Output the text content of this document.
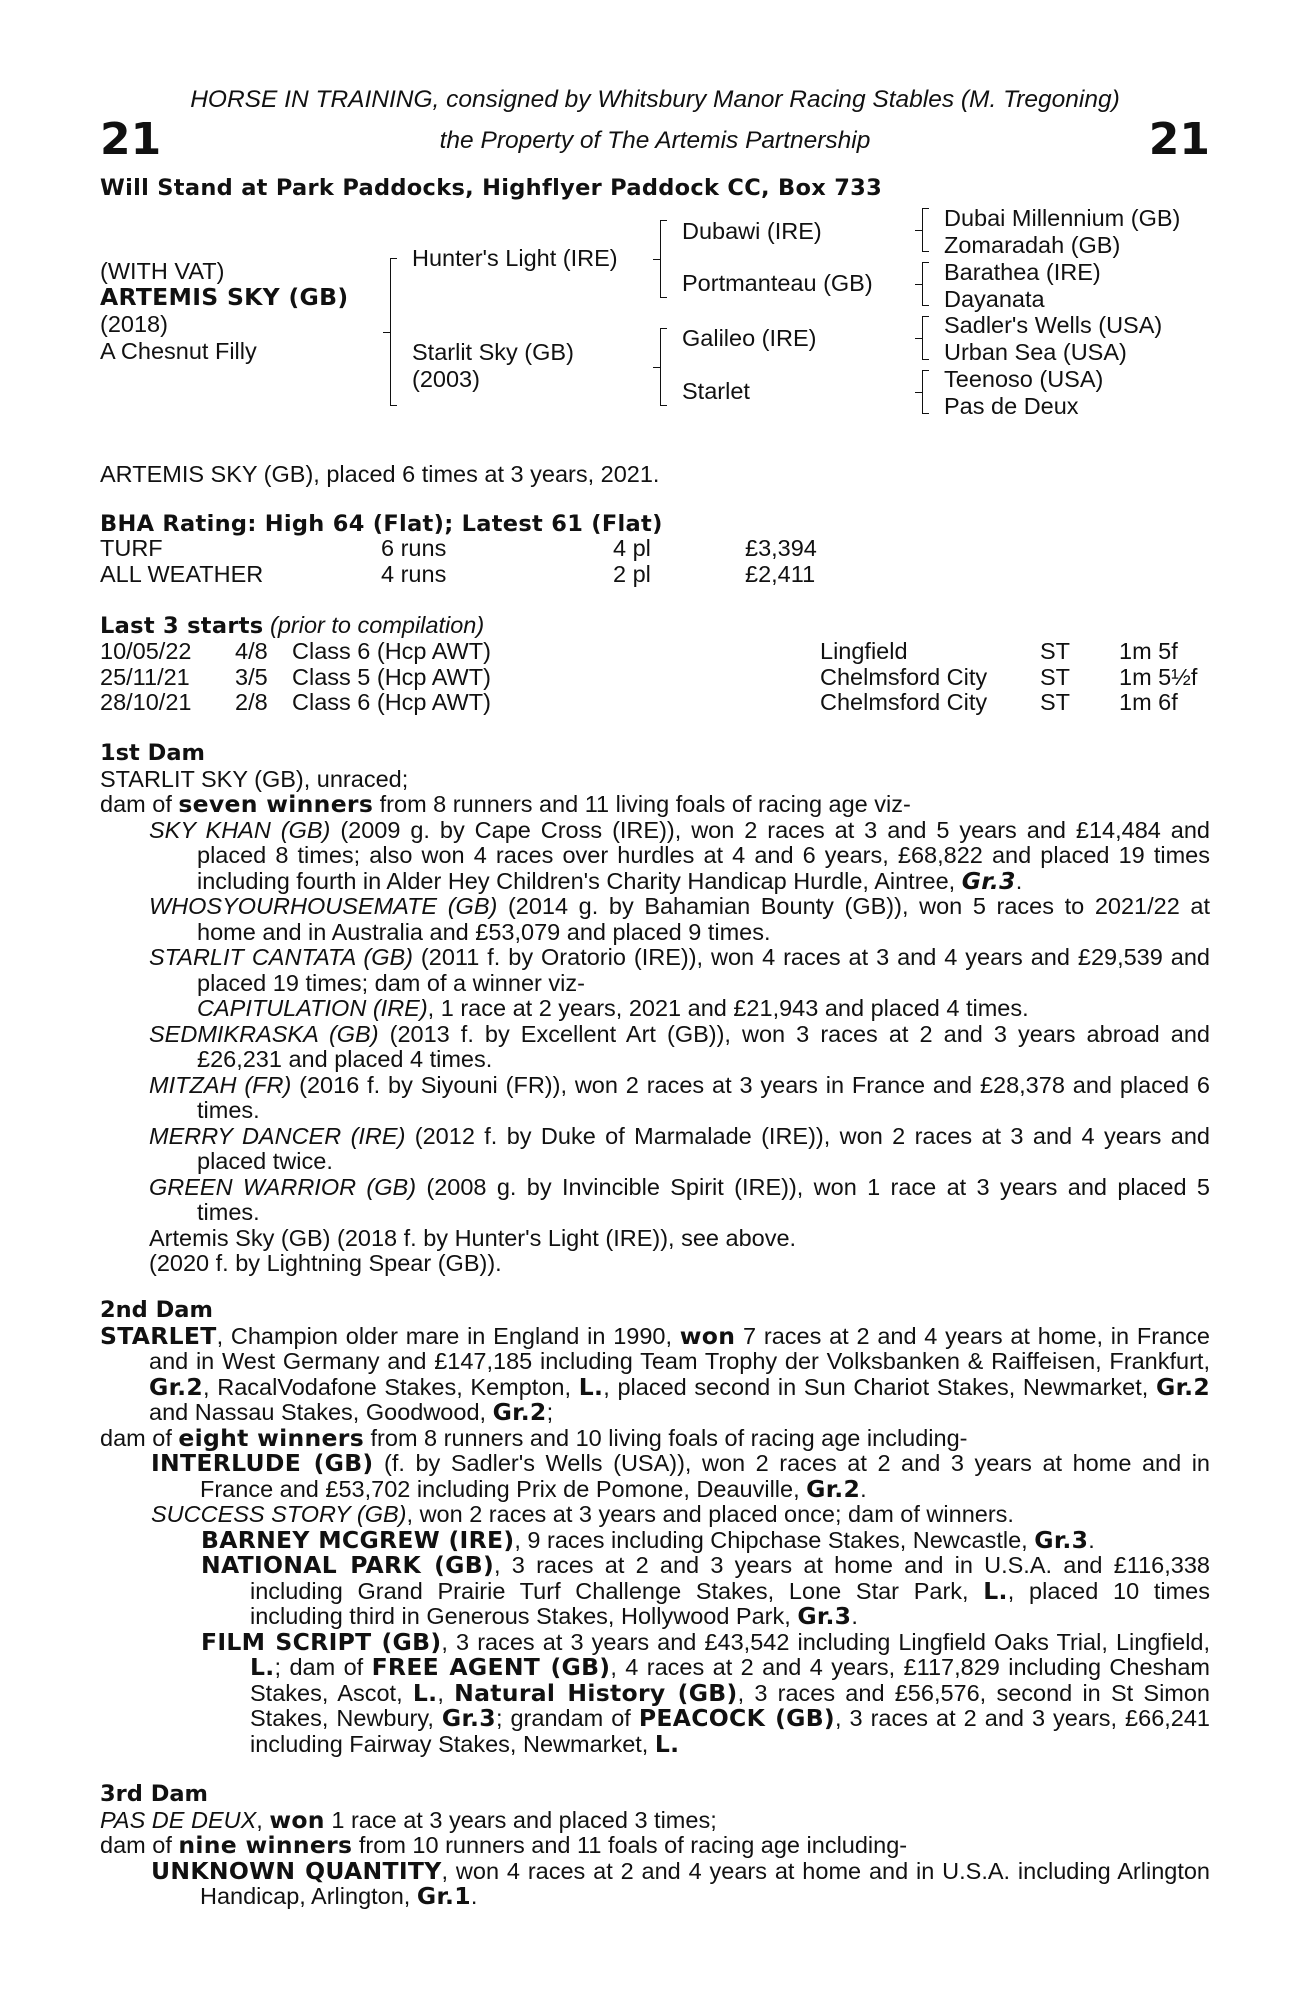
HORSE IN TRAINING, consigned by Whitsbury Manor Racing Stables (M. Tregoning)
21	the Property of The Artemis Partnership	21
Will Stand at Park Paddocks, Highflyer Paddock CC, Box 733
(WITH VAT)
ARTEMIS SKY (GB)
(2018)
A Chesnut Filly
Hunter's Light (IRE)
Starlit Sky (GB)
(2003)
Dubawi (IRE)
Portmanteau (GB)
Galileo (IRE)
Starlet
Dubai Millennium (GB)
Zomaradah (GB)
Barathea (IRE)
Dayanata
Sadler's Wells (USA)
Urban Sea (USA)
Teenoso (USA)
Pas de Deux
ARTEMIS SKY (GB), placed 6 times at 3 years, 2021.
BHA Rating: High 64 (Flat); Latest 61 (Flat)
TURF	6 runs	4 pl	£3,394
ALL WEATHER	4 runs	2 pl	£2,411
Last 3 starts (prior to compilation)
10/05/22 4/8 Class 6 (Hcp AWT)	Lingfield	ST 1m 5f
25/11/21 3/5 Class 5 (Hcp AWT)	Chelmsford City ST 1m 5½f
28/10/21 2/8 Class 6 (Hcp AWT)	Chelmsford City ST 1m 6f

1st Dam

STARLIT SKY (GB), unraced;

dam of seven winners from 8 runners and 11 living foals of racing age viz-

SKY KHAN (GB) (2009 g. by Cape Cross (IRE)), won 2 races at 3 and 5 years and £14,484 and placed 8 times; also won 4 races over hurdles at 4 and 6 years, £68,822 and placed 19 times including fourth in Alder Hey Children's Charity Handicap Hurdle, Aintree, Gr.3.

WHOSYOURHOUSEMATE (GB) (2014 g. by Bahamian Bounty (GB)), won 5 races to 2021/22 at home and in Australia and £53,079 and placed 9 times.

STARLIT CANTATA (GB) (2011 f. by Oratorio (IRE)), won 4 races at 3 and 4 years and £29,539 and placed 19 times; dam of a winner viz-

CAPITULATION (IRE), 1 race at 2 years, 2021 and £21,943 and placed 4 times.

SEDMIKRASKA (GB) (2013 f. by Excellent Art (GB)), won 3 races at 2 and 3 years abroad and £26,231 and placed 4 times.

MITZAH (FR) (2016 f. by Siyouni (FR)), won 2 races at 3 years in France and £28,378 and placed 6 times.

MERRY DANCER (IRE) (2012 f. by Duke of Marmalade (IRE)), won 2 races at 3 and 4 years and placed twice.

GREEN WARRIOR (GB) (2008 g. by Invincible Spirit (IRE)), won 1 race at 3 years and placed 5 times.

Artemis Sky (GB) (2018 f. by Hunter's Light (IRE)), see above.

(2020 f. by Lightning Spear (GB)).

2nd Dam

STARLET, Champion older mare in England in 1990, won 7 races at 2 and 4 years at home, in France and in West Germany and £147,185 including Team Trophy der Volksbanken & Raiffeisen, Frankfurt, Gr.2, RacalVodafone Stakes, Kempton, L., placed second in Sun Chariot Stakes, Newmarket, Gr.2 and Nassau Stakes, Goodwood, Gr.2;

dam of eight winners from 8 runners and 10 living foals of racing age including-

INTERLUDE (GB) (f. by Sadler's Wells (USA)), won 2 races at 2 and 3 years at home and in France and £53,702 including Prix de Pomone, Deauville, Gr.2.

SUCCESS STORY (GB), won 2 races at 3 years and placed once; dam of winners.

BARNEY MCGREW (IRE), 9 races including Chipchase Stakes, Newcastle, Gr.3.

NATIONAL PARK (GB), 3 races at 2 and 3 years at home and in U.S.A. and £116,338 including Grand Prairie Turf Challenge Stakes, Lone Star Park, L., placed 10 times including third in Generous Stakes, Hollywood Park, Gr.3.

FILM SCRIPT (GB), 3 races at 3 years and £43,542 including Lingfield Oaks Trial, Lingfield, L.; dam of FREE AGENT (GB), 4 races at 2 and 4 years, £117,829 including Chesham Stakes, Ascot, L., Natural History (GB), 3 races and £56,576, second in St Simon Stakes, Newbury, Gr.3; grandam of PEACOCK (GB), 3 races at 2 and 3 years, £66,241 including Fairway Stakes, Newmarket, L.

3rd Dam

PAS DE DEUX, won 1 race at 3 years and placed 3 times;

dam of nine winners from 10 runners and 11 foals of racing age including-

UNKNOWN QUANTITY, won 4 races at 2 and 4 years at home and in U.S.A. including Arlington Handicap, Arlington, Gr.1.
